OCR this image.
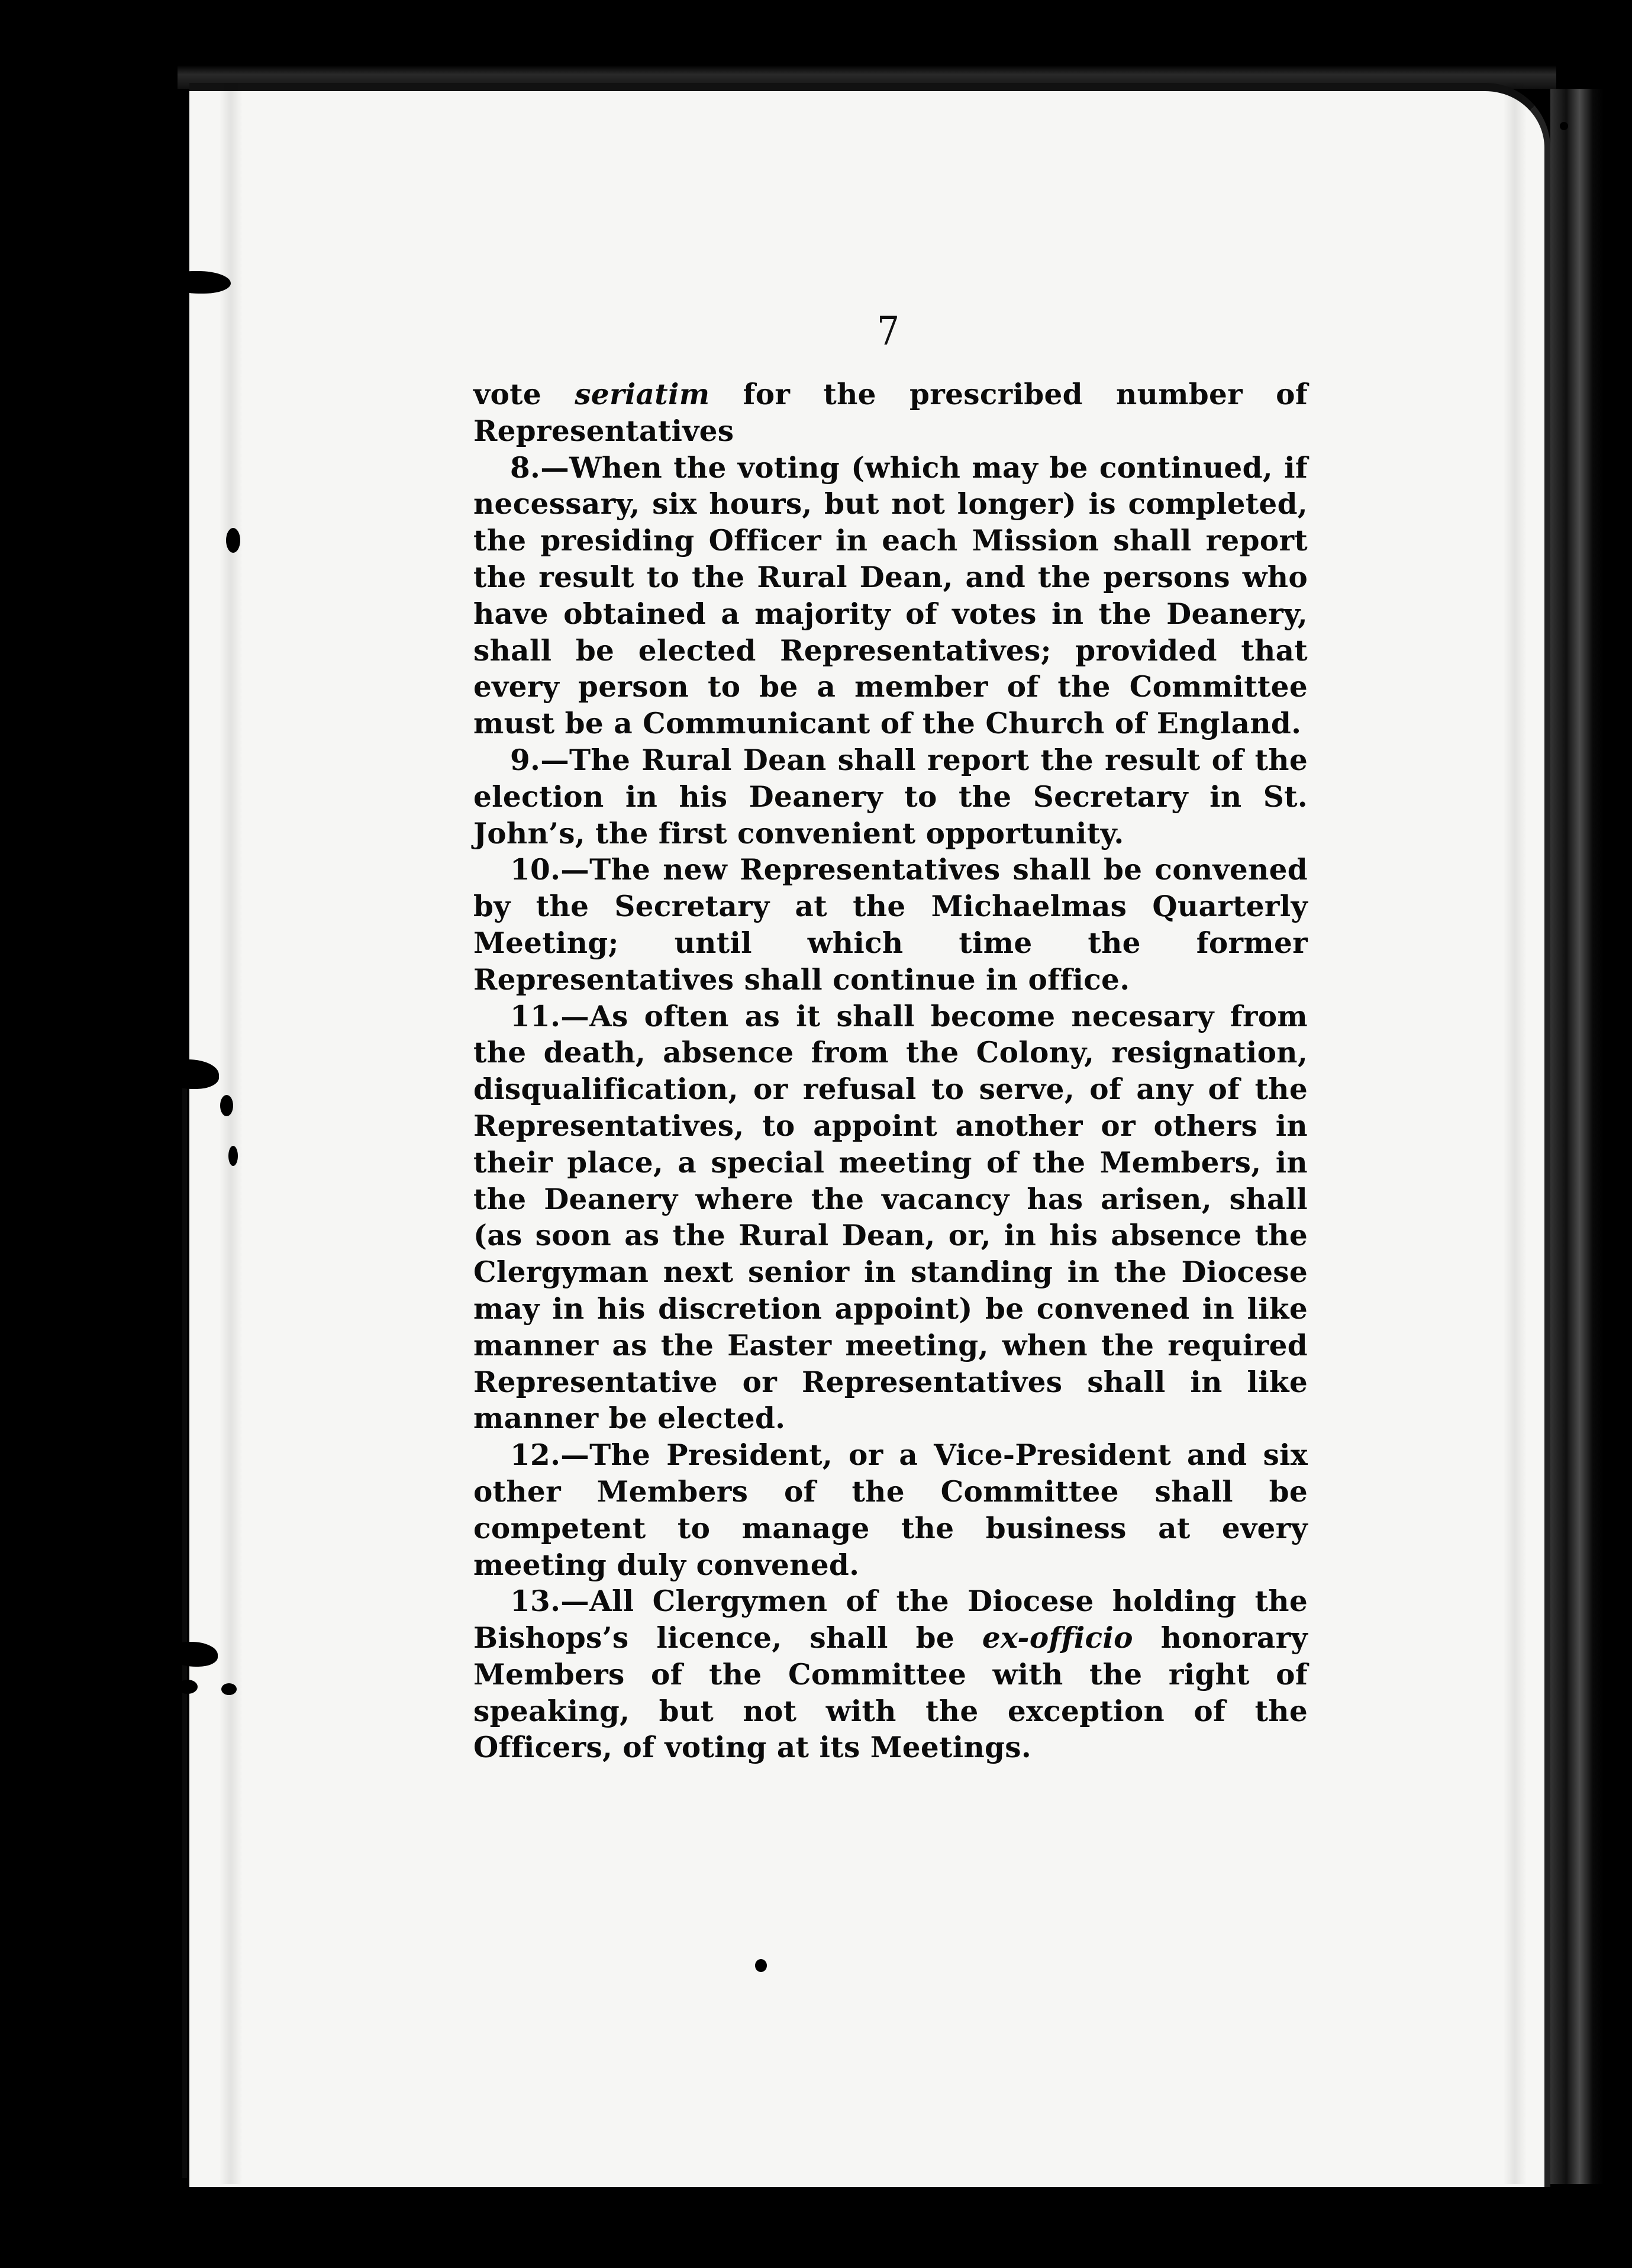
7

vote seriatim for the prescribed number of Representatives

8.—When the voting (which may be continued, if necessary, six hours, but not longer) is completed, the presiding Officer in each Mission shall report the result to the Rural Dean, and the persons who have obtained a majority of votes in the Deanery, shall be elected Representatives; provided that every person to be a member of the Committee must be a Communicant of the Church of England.

9.—The Rural Dean shall report the result of the election in his Deanery to the Secretary in St. John’s, the first convenient opportunity.

10.—The new Representatives shall be convened by the Secretary at the Michaelmas Quarterly Meeting; until which time the former Representatives shall continue in office.

11.—As often as it shall become necesary from the death, absence from the Colony, resignation, disqualification, or refusal to serve, of any of the Representatives, to appoint another or others in their place, a special meeting of the Members, in the Deanery where the vacancy has arisen, shall (as soon as the Rural Dean, or, in his absence the Clergyman next senior in standing in the Diocese may in his discretion appoint) be convened in like manner as the Easter meeting, when the required Representative or Representatives shall in like manner be elected.

12.—The President, or a Vice-President and six other Members of the Committee shall be competent to manage the business at every meeting duly convened.

13.—All Clergymen of the Diocese holding the Bishops’s licence, shall be ex-officio honorary Members of the Committee with the right of speaking, but not with the exception of the Officers, of voting at its Meetings.
